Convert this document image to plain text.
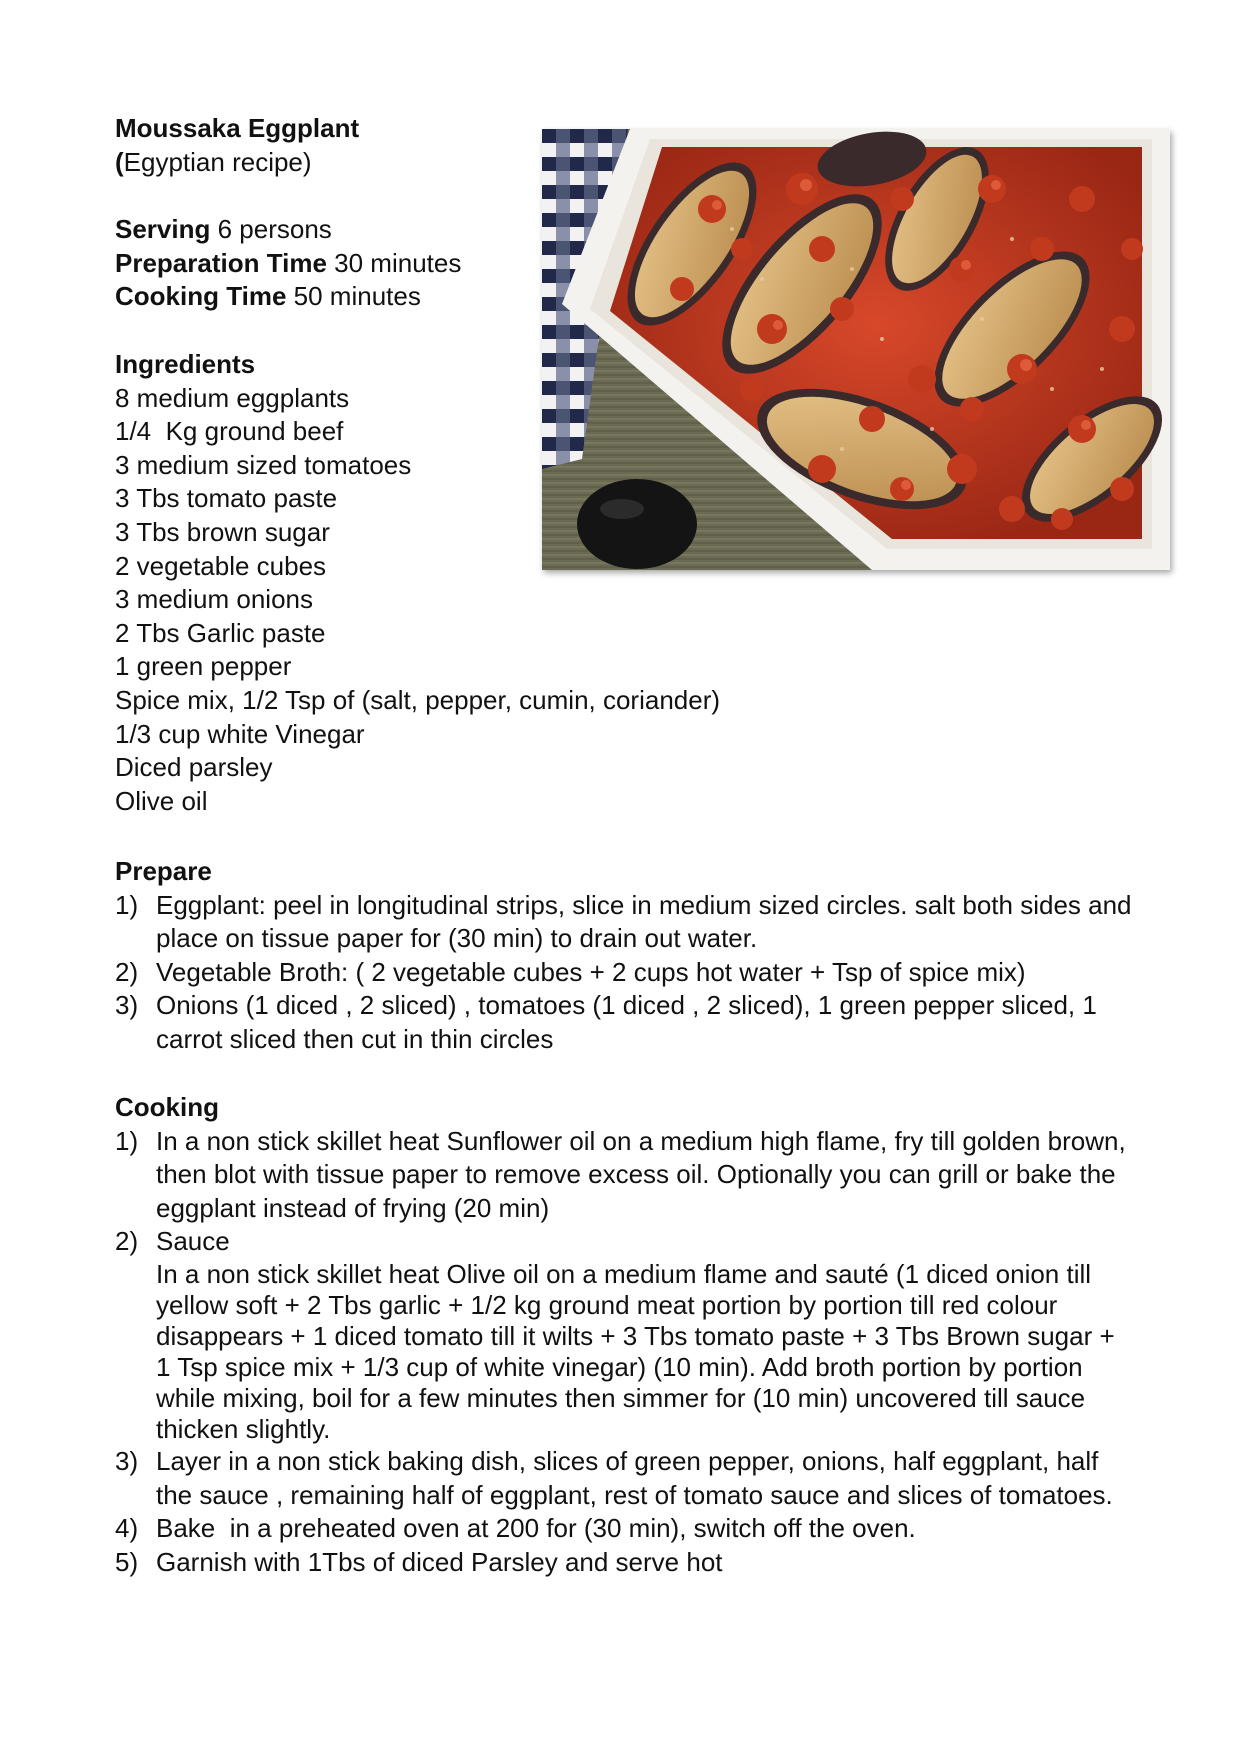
Moussaka Eggplant

(Egyptian recipe)

Serving 6 persons

Preparation Time 30 minutes

Cooking Time 50 minutes

Ingredients

8 medium eggplants

1/4  Kg ground beef

3 medium sized tomatoes

3 Tbs tomato paste

3 Tbs brown sugar

2 vegetable cubes

3 medium onions

2 Tbs Garlic paste

1 green pepper

Spice mix, 1/2 Tsp of (salt, pepper, cumin, coriander)

1/3 cup white Vinegar

Diced parsley

Olive oil

Prepare

1) Eggplant: peel in longitudinal strips, slice in medium sized circles. salt both sides and place on tissue paper for (30 min) to drain out water.
2) Vegetable Broth: ( 2 vegetable cubes + 2 cups hot water + Tsp of spice mix)
3) Onions (1 diced , 2 sliced) , tomatoes (1 diced , 2 sliced), 1 green pepper sliced, 1 carrot sliced then cut in thin circles

Cooking

1) In a non stick skillet heat Sunflower oil on a medium high flame, fry till golden brown, then blot with tissue paper to remove excess oil. Optionally you can grill or bake the eggplant instead of frying (20 min)
2) Sauce
In a non stick skillet heat Olive oil on a medium flame and sauté (1 diced onion till yellow soft + 2 Tbs garlic + 1/2 kg ground meat portion by portion till red colour disappears + 1 diced tomato till it wilts + 3 Tbs tomato paste + 3 Tbs Brown sugar + 1 Tsp spice mix + 1/3 cup of white vinegar) (10 min). Add broth portion by portion while mixing, boil for a few minutes then simmer for (10 min) uncovered till sauce thicken slightly.
3) Layer in a non stick baking dish, slices of green pepper, onions, half eggplant, half the sauce , remaining half of eggplant, rest of tomato sauce and slices of tomatoes.
4) Bake  in a preheated oven at 200 for (30 min), switch off the oven.
5) Garnish with 1Tbs of diced Parsley and serve hot
